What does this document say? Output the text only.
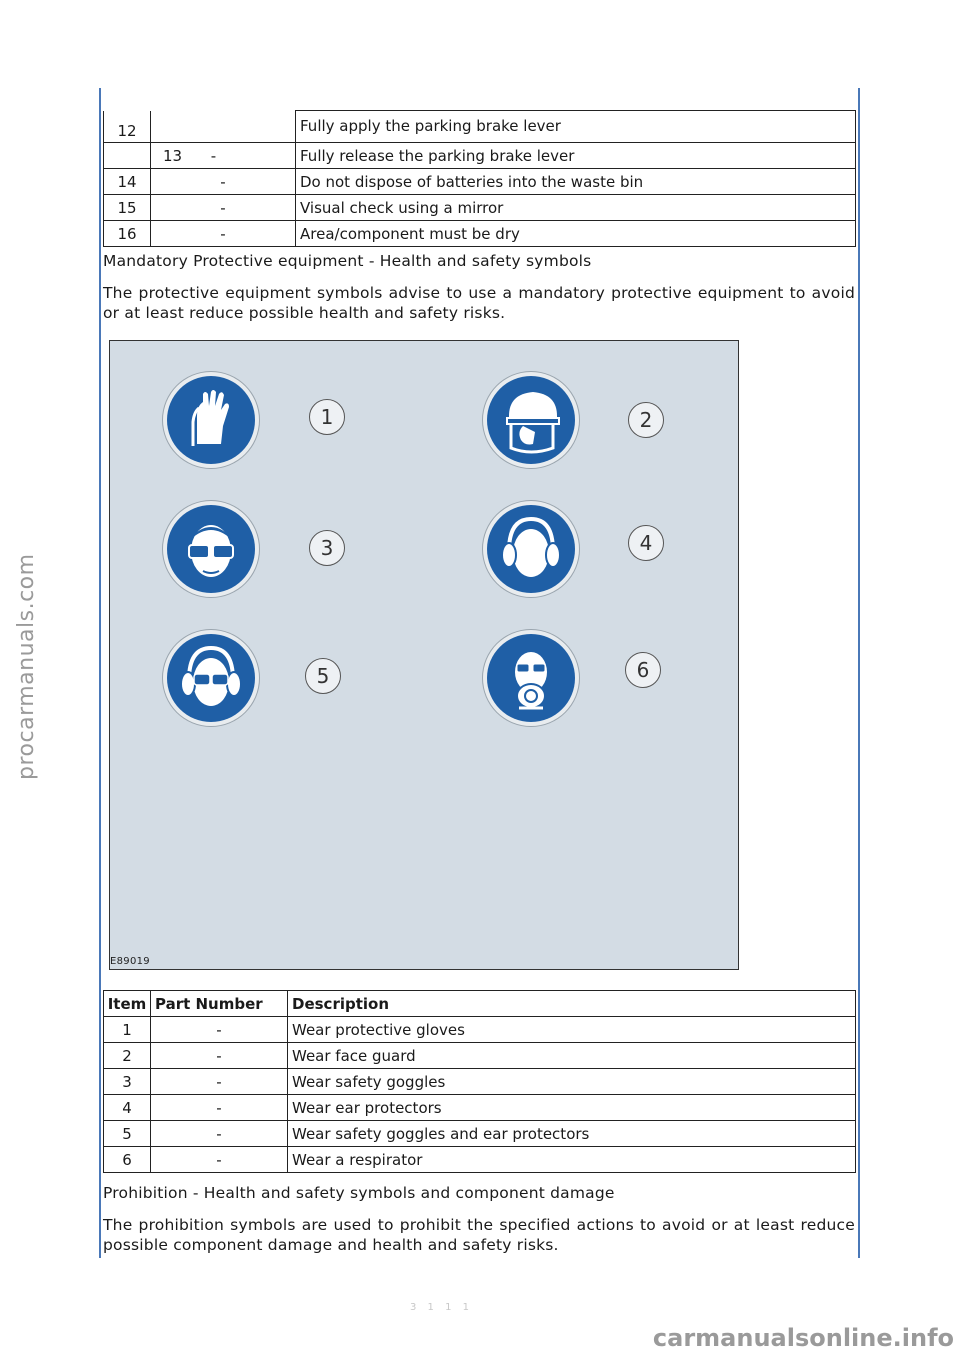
12		Fully apply the parking brake lever
	13      -	Fully release the parking brake lever
14	-	Do not dispose of batteries into the waste bin
15	-	Visual check using a mirror
16	-	Area/component must be dry
Mandatory Protective equipment - Health and safety symbols
The protective equipment symbols advise to use a mandatory protective equipment to avoid or at least reduce possible health and safety risks.
1	2
3	4
5	6
E89019
Item	Part Number	Description
1	-	Wear protective gloves
2	-	Wear face guard
3	-	Wear safety goggles
4	-	Wear ear protectors
5	-	Wear safety goggles and ear protectors
6	-	Wear a respirator
Prohibition - Health and safety symbols and component damage
The prohibition symbols are used to prohibit the specified actions to avoid or at least reduce possible component damage and health and safety risks.
3 1 1 1
procarmanuals.com
carmanualsonline.info
